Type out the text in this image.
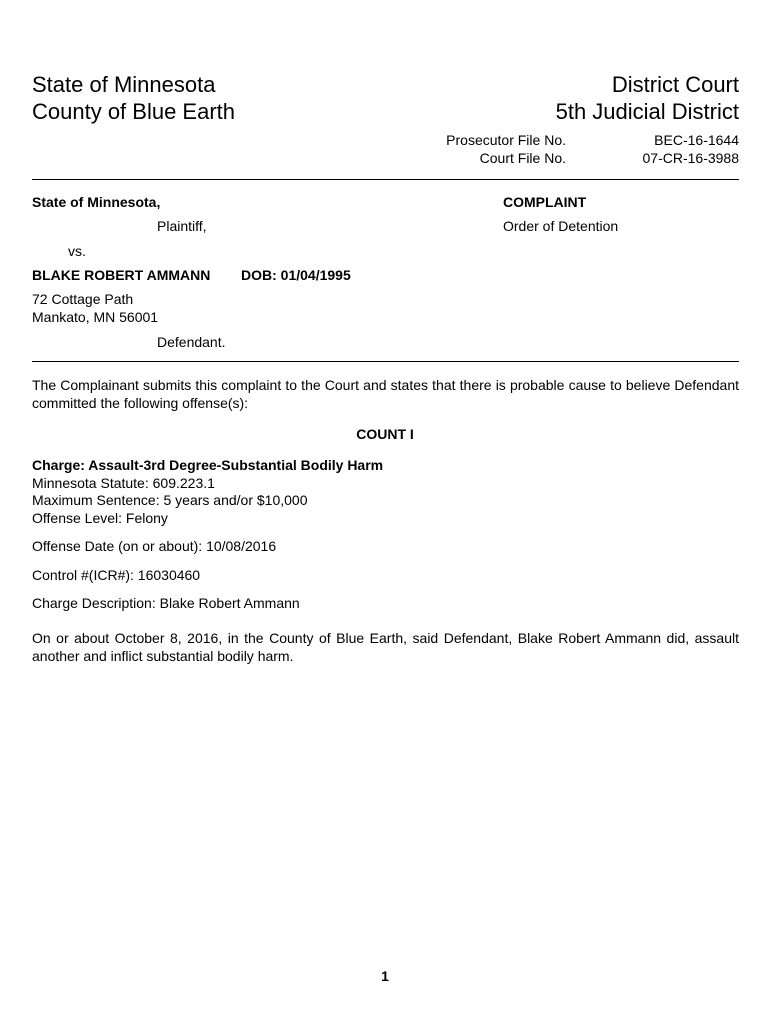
State of Minnesota
County of Blue Earth
District Court
5th Judicial District
Prosecutor File No.	BEC-16-1644
Court File No.	07-CR-16-3988
State of Minnesota,
Plaintiff,
vs.
BLAKE ROBERT AMMANN DOB: 01/04/1995
72 Cottage Path
Mankato, MN 56001
Defendant.
COMPLAINT
Order of Detention
The Complainant submits this complaint to the Court and states that there is probable cause to believe Defendant committed the following offense(s):
COUNT I
Charge: Assault-3rd Degree-Substantial Bodily Harm
Minnesota Statute: 609.223.1
Maximum Sentence: 5 years and/or $10,000
Offense Level: Felony
Offense Date (on or about): 10/08/2016
Control #(ICR#): 16030460
Charge Description: Blake Robert Ammann
On or about October 8, 2016, in the County of Blue Earth, said Defendant, Blake Robert Ammann did, assault another and inflict substantial bodily harm.
1
